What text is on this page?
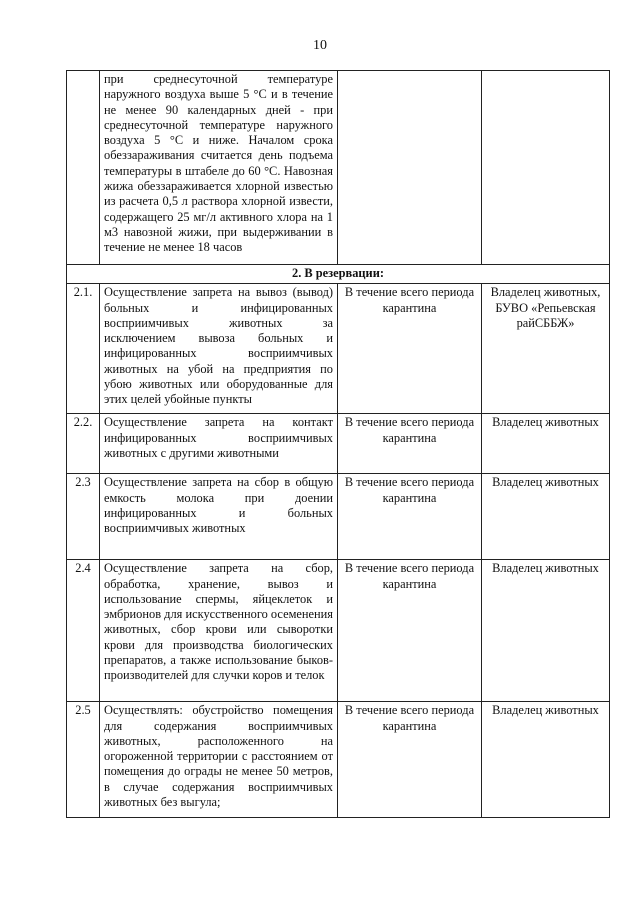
10
	при среднесуточной температуре наружного воздуха выше 5 °С и в течение не менее 90 календарных дней - при среднесуточной температуре наружного воздуха 5 °С и ниже. Началом срока обеззараживания считается день подъема температуры в штабеле до 60 °С. Навозная жижа обеззараживается хлорной известью из расчета 0,5 л раствора хлорной извести, содержащего 25 мг/л активного хлора на 1 м3 навозной жижи, при выдерживании в течение не менее 18 часов		
2. В резервации:			
2.1.	Осуществление запрета на вывоз (вывод) больных и инфицированных восприимчивых животных за исключением вывоза больных и инфицированных восприимчивых животных на убой на предприятия по убою животных или оборудованные для этих целей убойные пункты	В течение всего периода карантина	Владелец животных, БУВО «Репьевская райСББЖ»
2.2.	Осуществление запрета на контакт инфицированных восприимчивых животных с другими животными	В течение всего периода карантина	Владелец животных
2.3	Осуществление запрета на сбор в общую емкость молока при доении инфицированных и больных восприимчивых животных	В течение всего периода карантина	Владелец животных
2.4	Осуществление запрета на сбор, обработка, хранение, вывоз и использование спермы, яйцеклеток и эмбрионов для искусственного осеменения животных, сбор крови или сыворотки крови для производства биологических препаратов, а также использование быков-производителей для случки коров и телок	В течение всего периода карантина	Владелец животных
2.5	Осуществлять: обустройство помещения для содержания восприимчивых животных, расположенного на огороженной территории с расстоянием от помещения до ограды не менее 50 метров, в случае содержания восприимчивых животных без выгула;	В течение всего периода карантина	Владелец животных
